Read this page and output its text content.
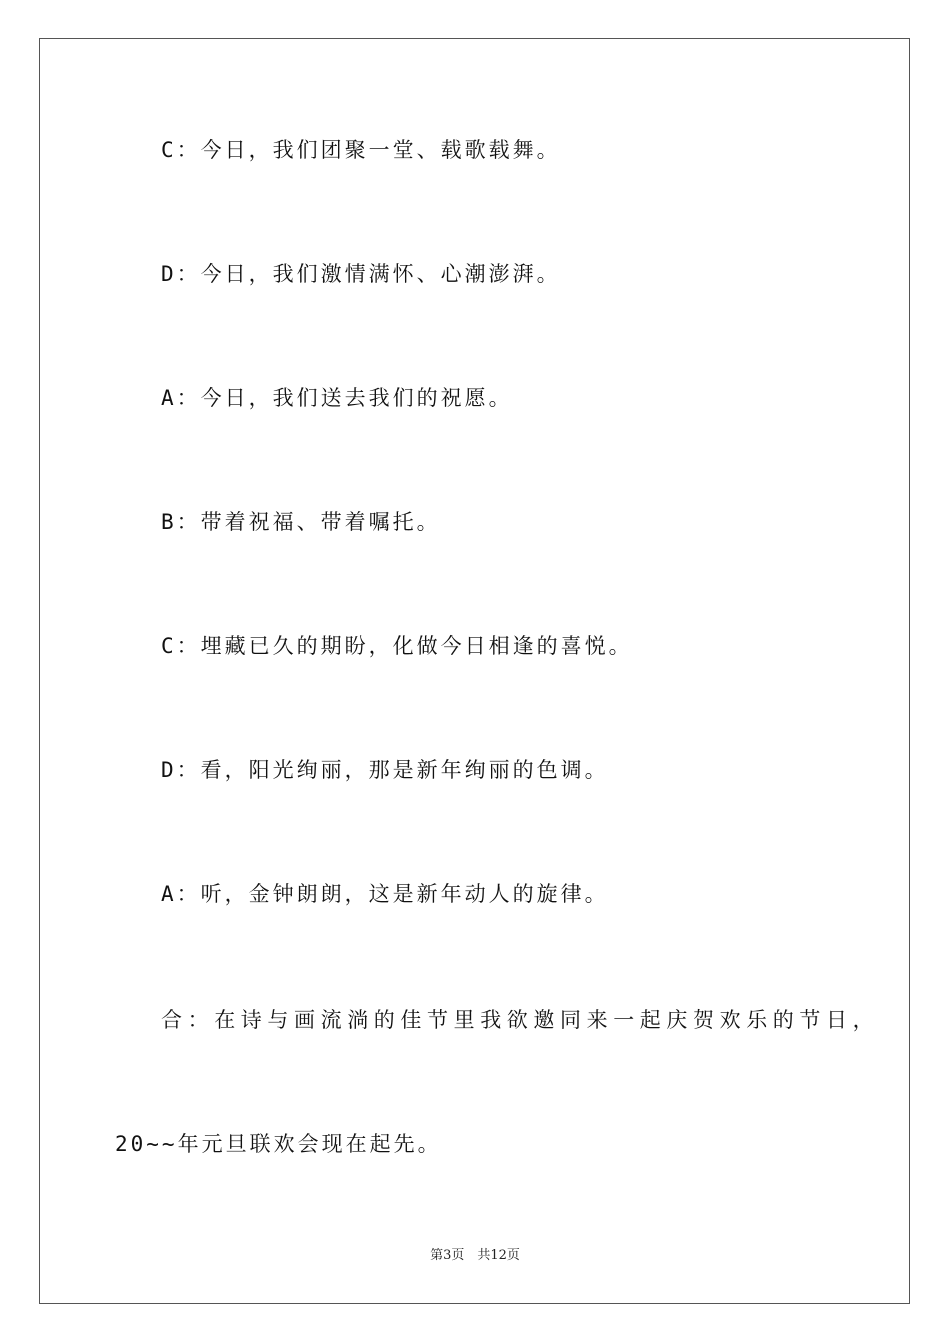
C：今日，我们团聚一堂、载歌载舞。
D：今日，我们激情满怀、心潮澎湃。
A：今日，我们送去我们的祝愿。
B：带着祝福、带着嘱托。
C：埋藏已久的期盼，化做今日相逢的喜悦。
D：看，阳光绚丽，那是新年绚丽的色调。
A：听，金钟朗朗，这是新年动人的旋律。
合：在诗与画流淌的佳节里我欲邀同来一起庆贺欢乐的节日，
20~~年元旦联欢会现在起先。
第3页　共12页
